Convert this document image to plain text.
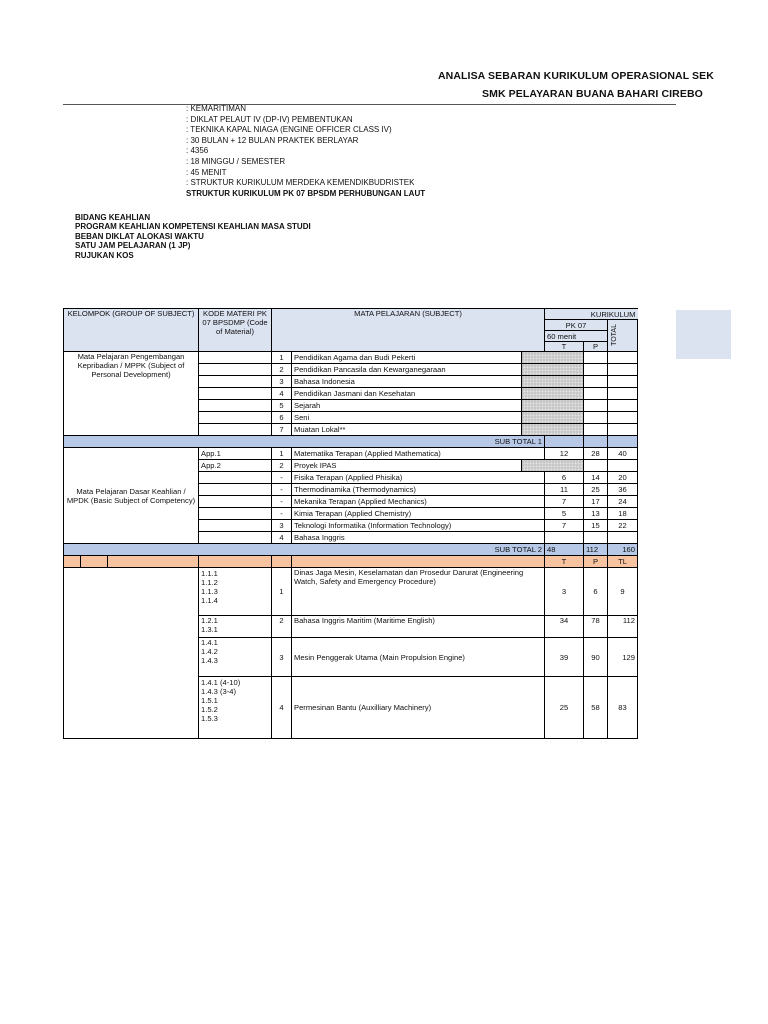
ANALISA SEBARAN KURIKULUM OPERASIONAL SEK
SMK PELAYARAN BUANA BAHARI CIREBO
: KEMARITIMAN
: DIKLAT PELAUT IV (DP-IV) PEMBENTUKAN
: TEKNIKA KAPAL NIAGA (ENGINE OFFICER CLASS IV)
: 30 BULAN + 12 BULAN PRAKTEK BERLAYAR
: 4356
: 18 MINGGU / SEMESTER
: 45 MENIT
: STRUKTUR KURIKULUM MERDEKA KEMENDIKBUDRISTEK
STRUKTUR KURIKULUM PK 07 BPSDM PERHUBUNGAN LAUT
BIDANG KEAHLIAN
PROGRAM KEAHLIAN KOMPETENSI KEAHLIAN MASA STUDI
BEBAN DIKLAT ALOKASI WAKTU
SATU JAM PELAJARAN (1 JP)
RUJUKAN KOS
KELOMPOK (GROUP OF SUBJECT)	KODE MATERI PK 07 BPSDMP (Code of Material)	MATA PELAJARAN (SUBJECT)			KURIKULUM		
					PK 07		TOTAL
					60 menit		
					T	P	
Mata Pelajaran Pengembangan Kepribadian / MPPK (Subject of Personal Development)		1	Pendidikan Agama dan Budi Pekerti				
		2	Pendidikan Pancasila dan Kewarganegaraan				
		3	Bahasa Indonesia				
		4	Pendidikan Jasmani dan Kesehatan				
		5	Sejarah				
		6	Seni				
		7	Muatan Lokal**				
SUB TOTAL 1							
Mata Pelajaran Dasar Keahlian / MPDK (Basic Subject of Competency)	App.1	1	Matematika Terapan (Applied Mathematica)		12	28	40
	App.2	2	Proyek IPAS				
		-	Fisika Terapan (Applied Phisika)		6	14	20
		-	Thermodinamika (Thermodynamics)		11	25	36
		-	Mekanika Terapan (Applied Mechanics)		7	17	24
		-	Kimia Terapan (Applied Chemistry)		5	13	18
		3	Teknologi Informatika (Information Technology)		7	15	22
		4	Bahasa Inggris				
SUB TOTAL 2					48	112	160

					T	P	TL

	1.1.1
1.1.2
1.1.3
1.1.4	1	Dinas Jaga Mesin, Keselamatan dan Prosedur Darurat (Engineering Watch, Safety and Emergency Procedure)		3	6	9

	1.2.1
1.3.1	2	Bahasa Inggris Maritim (Maritime English)		34	78	112

	1.4.1
1.4.2
1.4.3	3	Mesin Penggerak Utama (Main Propulsion Engine)		39	90	129

	1.4.1 (4-10)
1.4.3 (3-4)
1.5.1
1.5.2
1.5.3	4	Permesinan Bantu (Auxilliary Machinery)		25	58	83
